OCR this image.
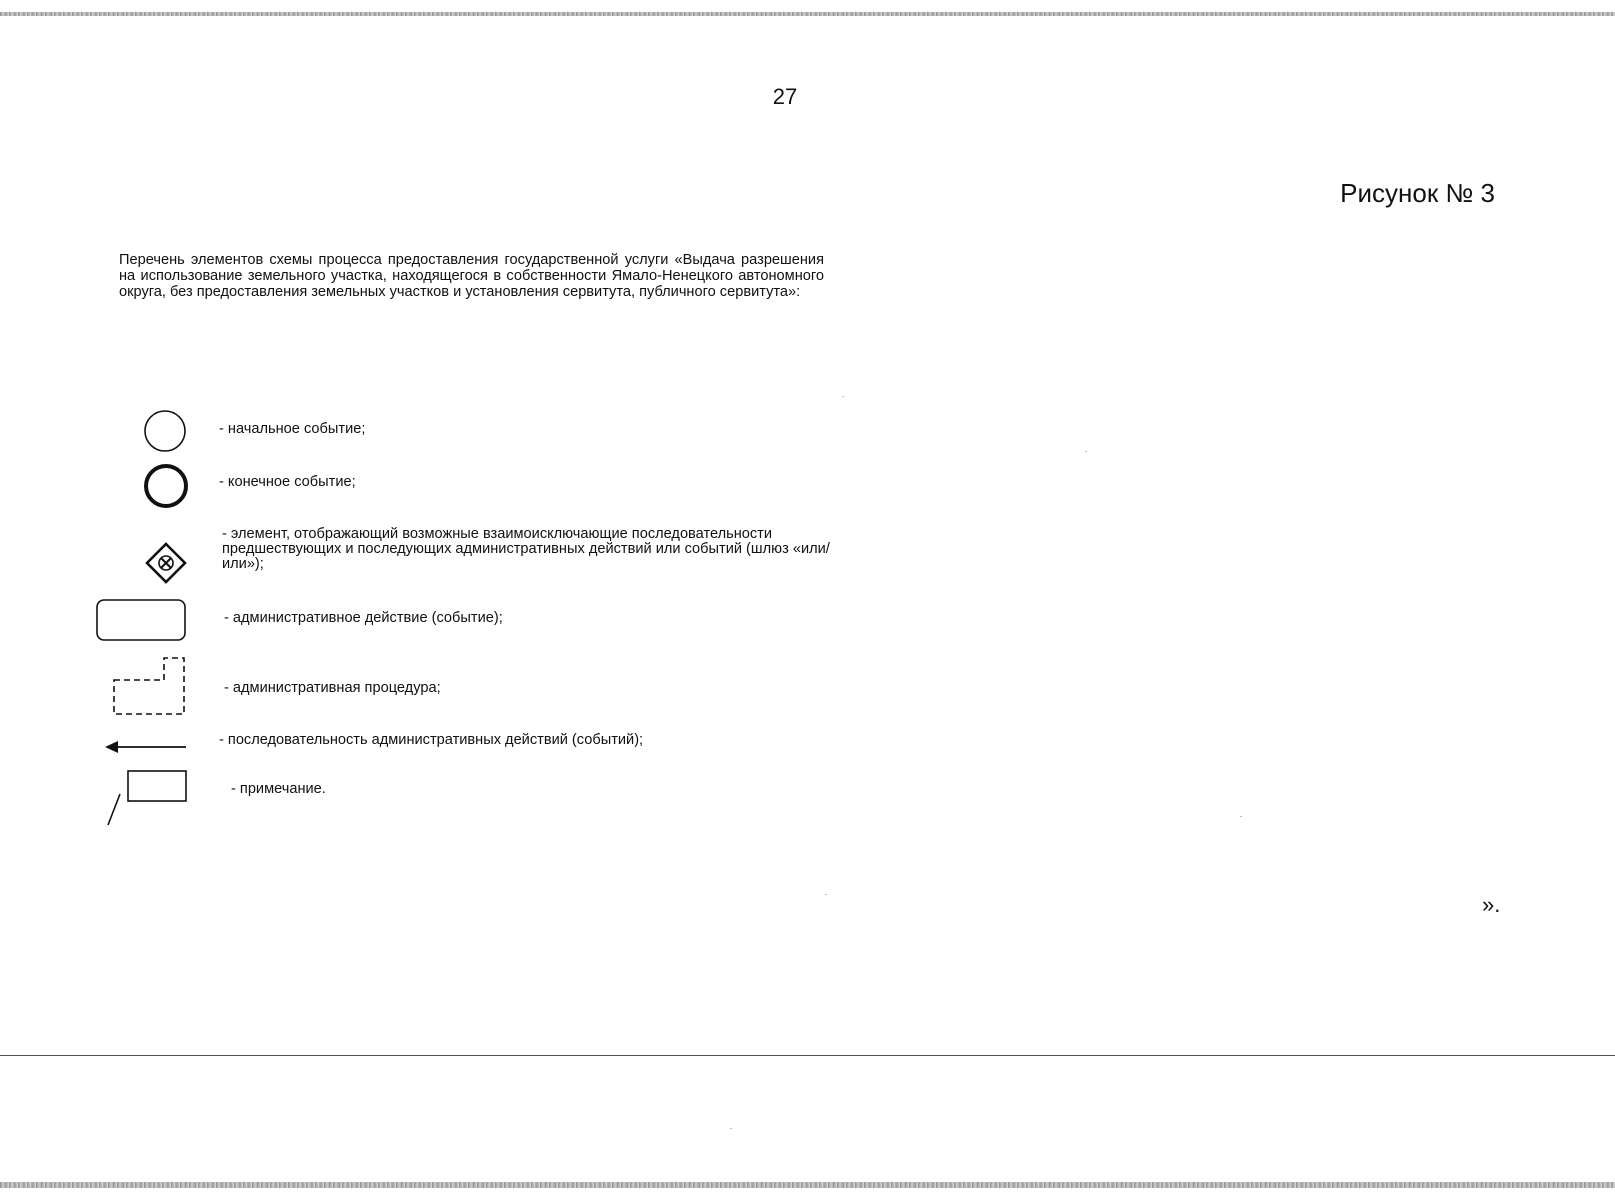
27
Рисунок № 3
Перечень элементов схемы процесса предоставления государственной услуги «Выдача разрешения на использование земельного участка, находящегося в собственности Ямало-Ненецкого автономного округа, без предоставления земельных участков и установления сервитута, публичного сервитута»:
- начальное событие;
- конечное событие;
- элемент, отображающий возможные взаимоисключающие последовательности предшествующих и последующих административных действий или событий (шлюз «или/или»);
- административное действие (событие);
- административная процедура;
- последовательность административных действий (событий);
- примечание.
».
